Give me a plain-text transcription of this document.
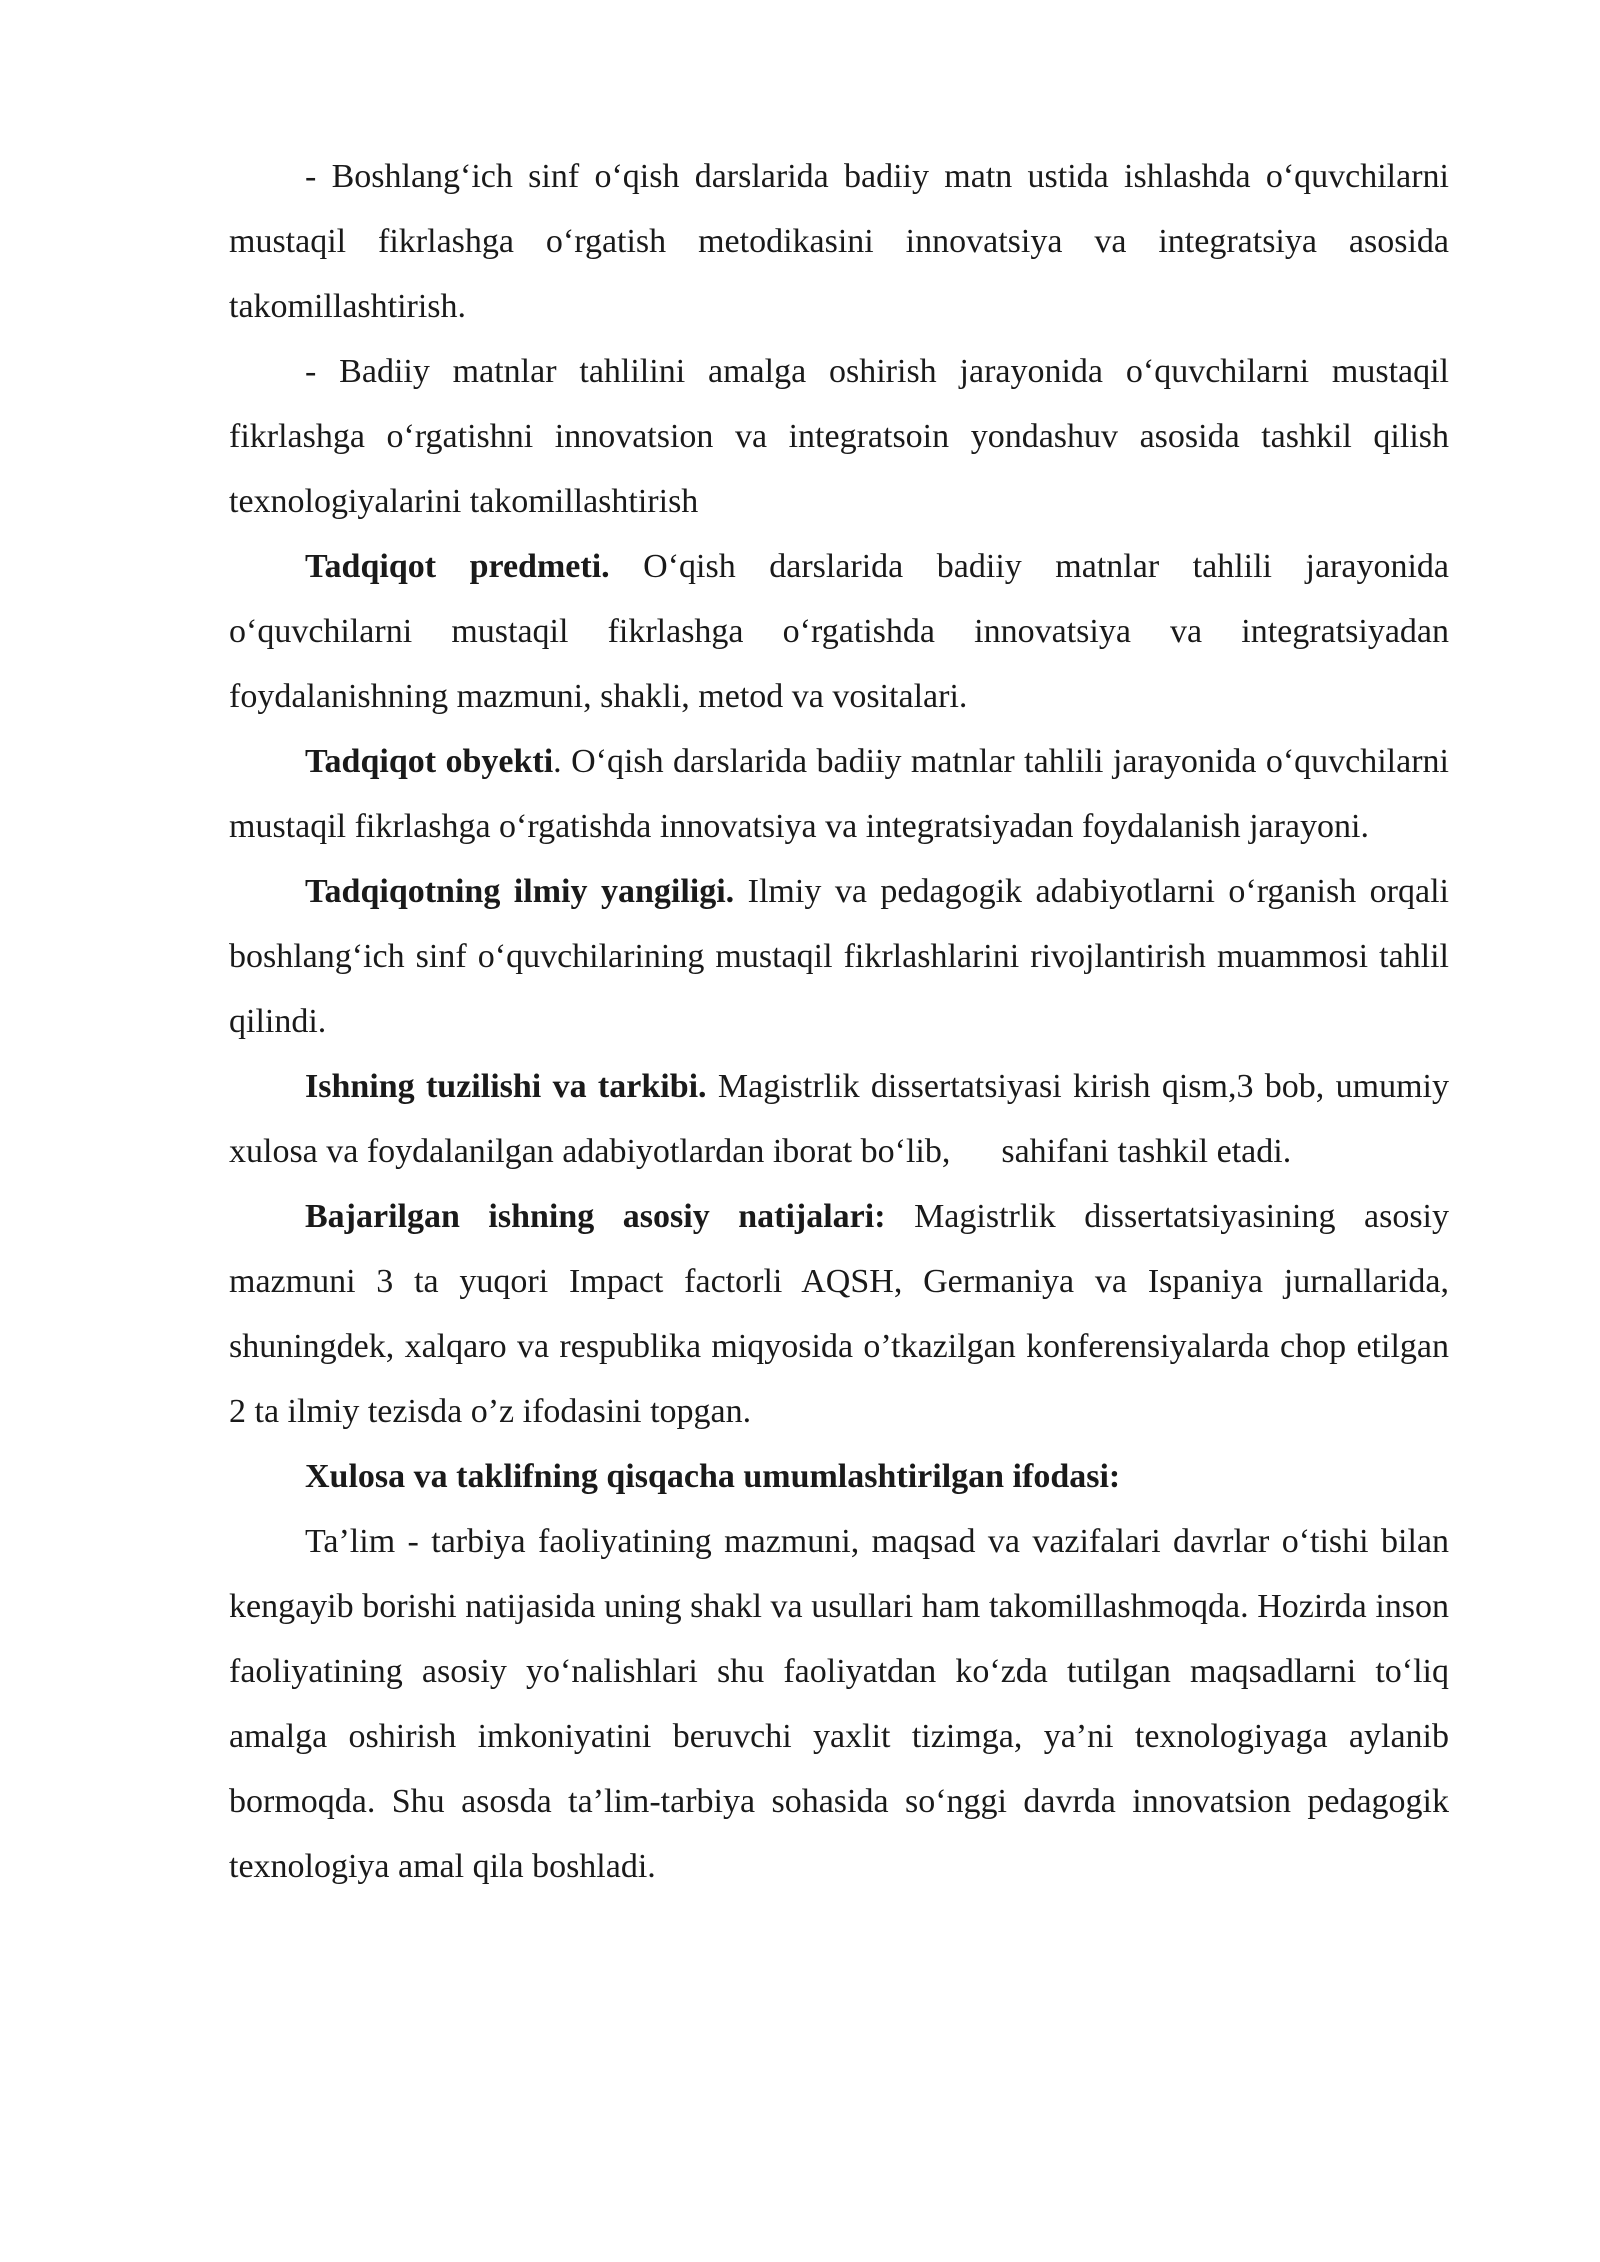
- Boshlang‘ich sinf o‘qish darslarida badiiy matn ustida ishlashda o‘quvchilarni mustaqil fikrlashga o‘rgatish metodikasini innovatsiya va integratsiya asosida takomillashtirish.

- Badiiy matnlar tahlilini amalga oshirish jarayonida o‘quvchilarni mustaqil fikrlashga o‘rgatishni innovatsion va integratsoin yondashuv asosida tashkil qilish texnologiyalarini takomillashtirish

Tadqiqot predmeti. O‘qish darslarida badiiy matnlar tahlili jarayonida o‘quvchilarni mustaqil fikrlashga o‘rgatishda innovatsiya va integratsiyadan foydalanishning mazmuni, shakli, metod va vositalari.

Tadqiqot obyekti. O‘qish darslarida badiiy matnlar tahlili jarayonida o‘quvchilarni mustaqil fikrlashga o‘rgatishda innovatsiya va integratsiyadan foydalanish jarayoni.

Tadqiqotning ilmiy yangiligi. Ilmiy va pedagogik adabiyotlarni o‘rganish orqali boshlang‘ich sinf o‘quvchilarining mustaqil fikrlashlarini rivojlantirish muammosi tahlil qilindi.

Ishning tuzilishi va tarkibi. Magistrlik dissertatsiyasi kirish qism,3 bob, umumiy xulosa va foydalanilgan adabiyotlardan iborat bo‘lib,      sahifani tashkil etadi.

Bajarilgan ishning asosiy natijalari: Magistrlik dissertatsiyasining asosiy mazmuni 3 ta yuqori Impact factorli AQSH, Germaniya va Ispaniya jurnallarida, shuningdek, xalqaro va respublika miqyosida o’tkazilgan konferensiyalarda chop etilgan 2 ta ilmiy tezisda o’z ifodasini topgan.

Xulosa va taklifning qisqacha umumlashtirilgan ifodasi:

Ta’lim - tarbiya faoliyatining mazmuni, maqsad va vazifalari davrlar o‘tishi bilan kengayib borishi natijasida uning shakl va usullari ham takomillashmoqda. Hozirda inson faoliyatining asosiy yo‘nalishlari shu faoliyatdan ko‘zda tutilgan maqsadlarni to‘liq amalga oshirish imkoniyatini beruvchi yaxlit tizimga, ya’ni texnologiyaga aylanib bormoqda. Shu asosda ta’lim-tarbiya sohasida so‘nggi davrda innovatsion pedagogik texnologiya amal qila boshladi.
